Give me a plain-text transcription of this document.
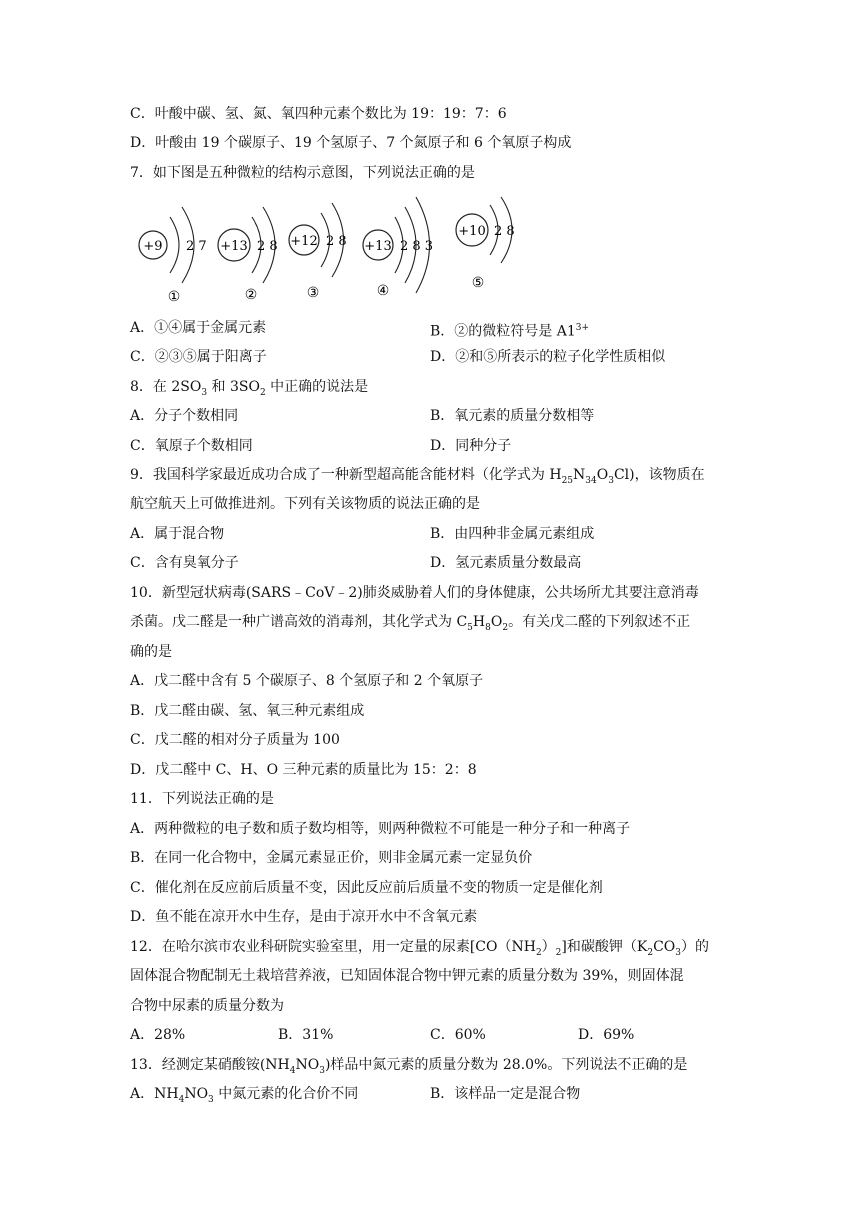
C．叶酸中碳、氢、氮、氧四种元素个数比为 19：19：7：6
D．叶酸由 19 个碳原子、19 个氢原子、7 个氮原子和 6 个氧原子构成
7．如下图是五种微粒的结构示意图，下列说法正确的是
+9 2 7
①
+13 2 8
②
+12 2 8
③
+13 2 8 3
④
+10 2 8
⑤
A．①④属于金属元素	B．②的微粒符号是 $A1^{3+}$
C．②③⑤属于阳离子	D．②和⑤所表示的粒子化学性质相似
8．在 $2SO_3$ 和 $3SO_2$ 中正确的说法是
A．分子个数相同	B．氧元素的质量分数相等
C．氧原子个数相同	D．同种分子
9．我国科学家最近成功合成了一种新型超高能含能材料（化学式为 $H_{25}N_{34}O_3Cl$)，该物质在
航空航天上可做推进剂。下列有关该物质的说法正确的是
A．属于混合物	B．由四种非金属元素组成
C．含有臭氧分子	D．氢元素质量分数最高
10．新型冠状病毒(SARS﹣CoV﹣2)肺炎威胁着人们的身体健康，公共场所尤其要注意消毒
杀菌。戊二醛是一种广谱高效的消毒剂，其化学式为 $C_5H_8O_2$。有关戊二醛的下列叙述不正
确的是
A．戊二醛中含有 5 个碳原子、8 个氢原子和 2 个氧原子
B．戊二醛由碳、氢、氧三种元素组成
C．戊二醛的相对分子质量为 100
D．戊二醛中 C、H、O 三种元素的质量比为 15：2：8
11．下列说法正确的是
A．两种微粒的电子数和质子数均相等，则两种微粒不可能是一种分子和一种离子
B．在同一化合物中，金属元素显正价，则非金属元素一定显负价
C．催化剂在反应前后质量不变，因此反应前后质量不变的物质一定是催化剂
D．鱼不能在凉开水中生存，是由于凉开水中不含氧元素
12．在哈尔滨市农业科研院实验室里，用一定量的尿素$[CO(NH_2)_2]$和碳酸钾$(K_2CO_3)$的
固体混合物配制无土栽培营养液，已知固体混合物中钾元素的质量分数为 39%，则固体混
合物中尿素的质量分数为
A．28%	B．31%	C．60%	D．69%
13．经测定某硝酸铵$(NH_4NO_3)$样品中氮元素的质量分数为 28.0%。下列说法不正确的是
A．$NH_4NO_3$ 中氮元素的化合价不同	B．该样品一定是混合物
